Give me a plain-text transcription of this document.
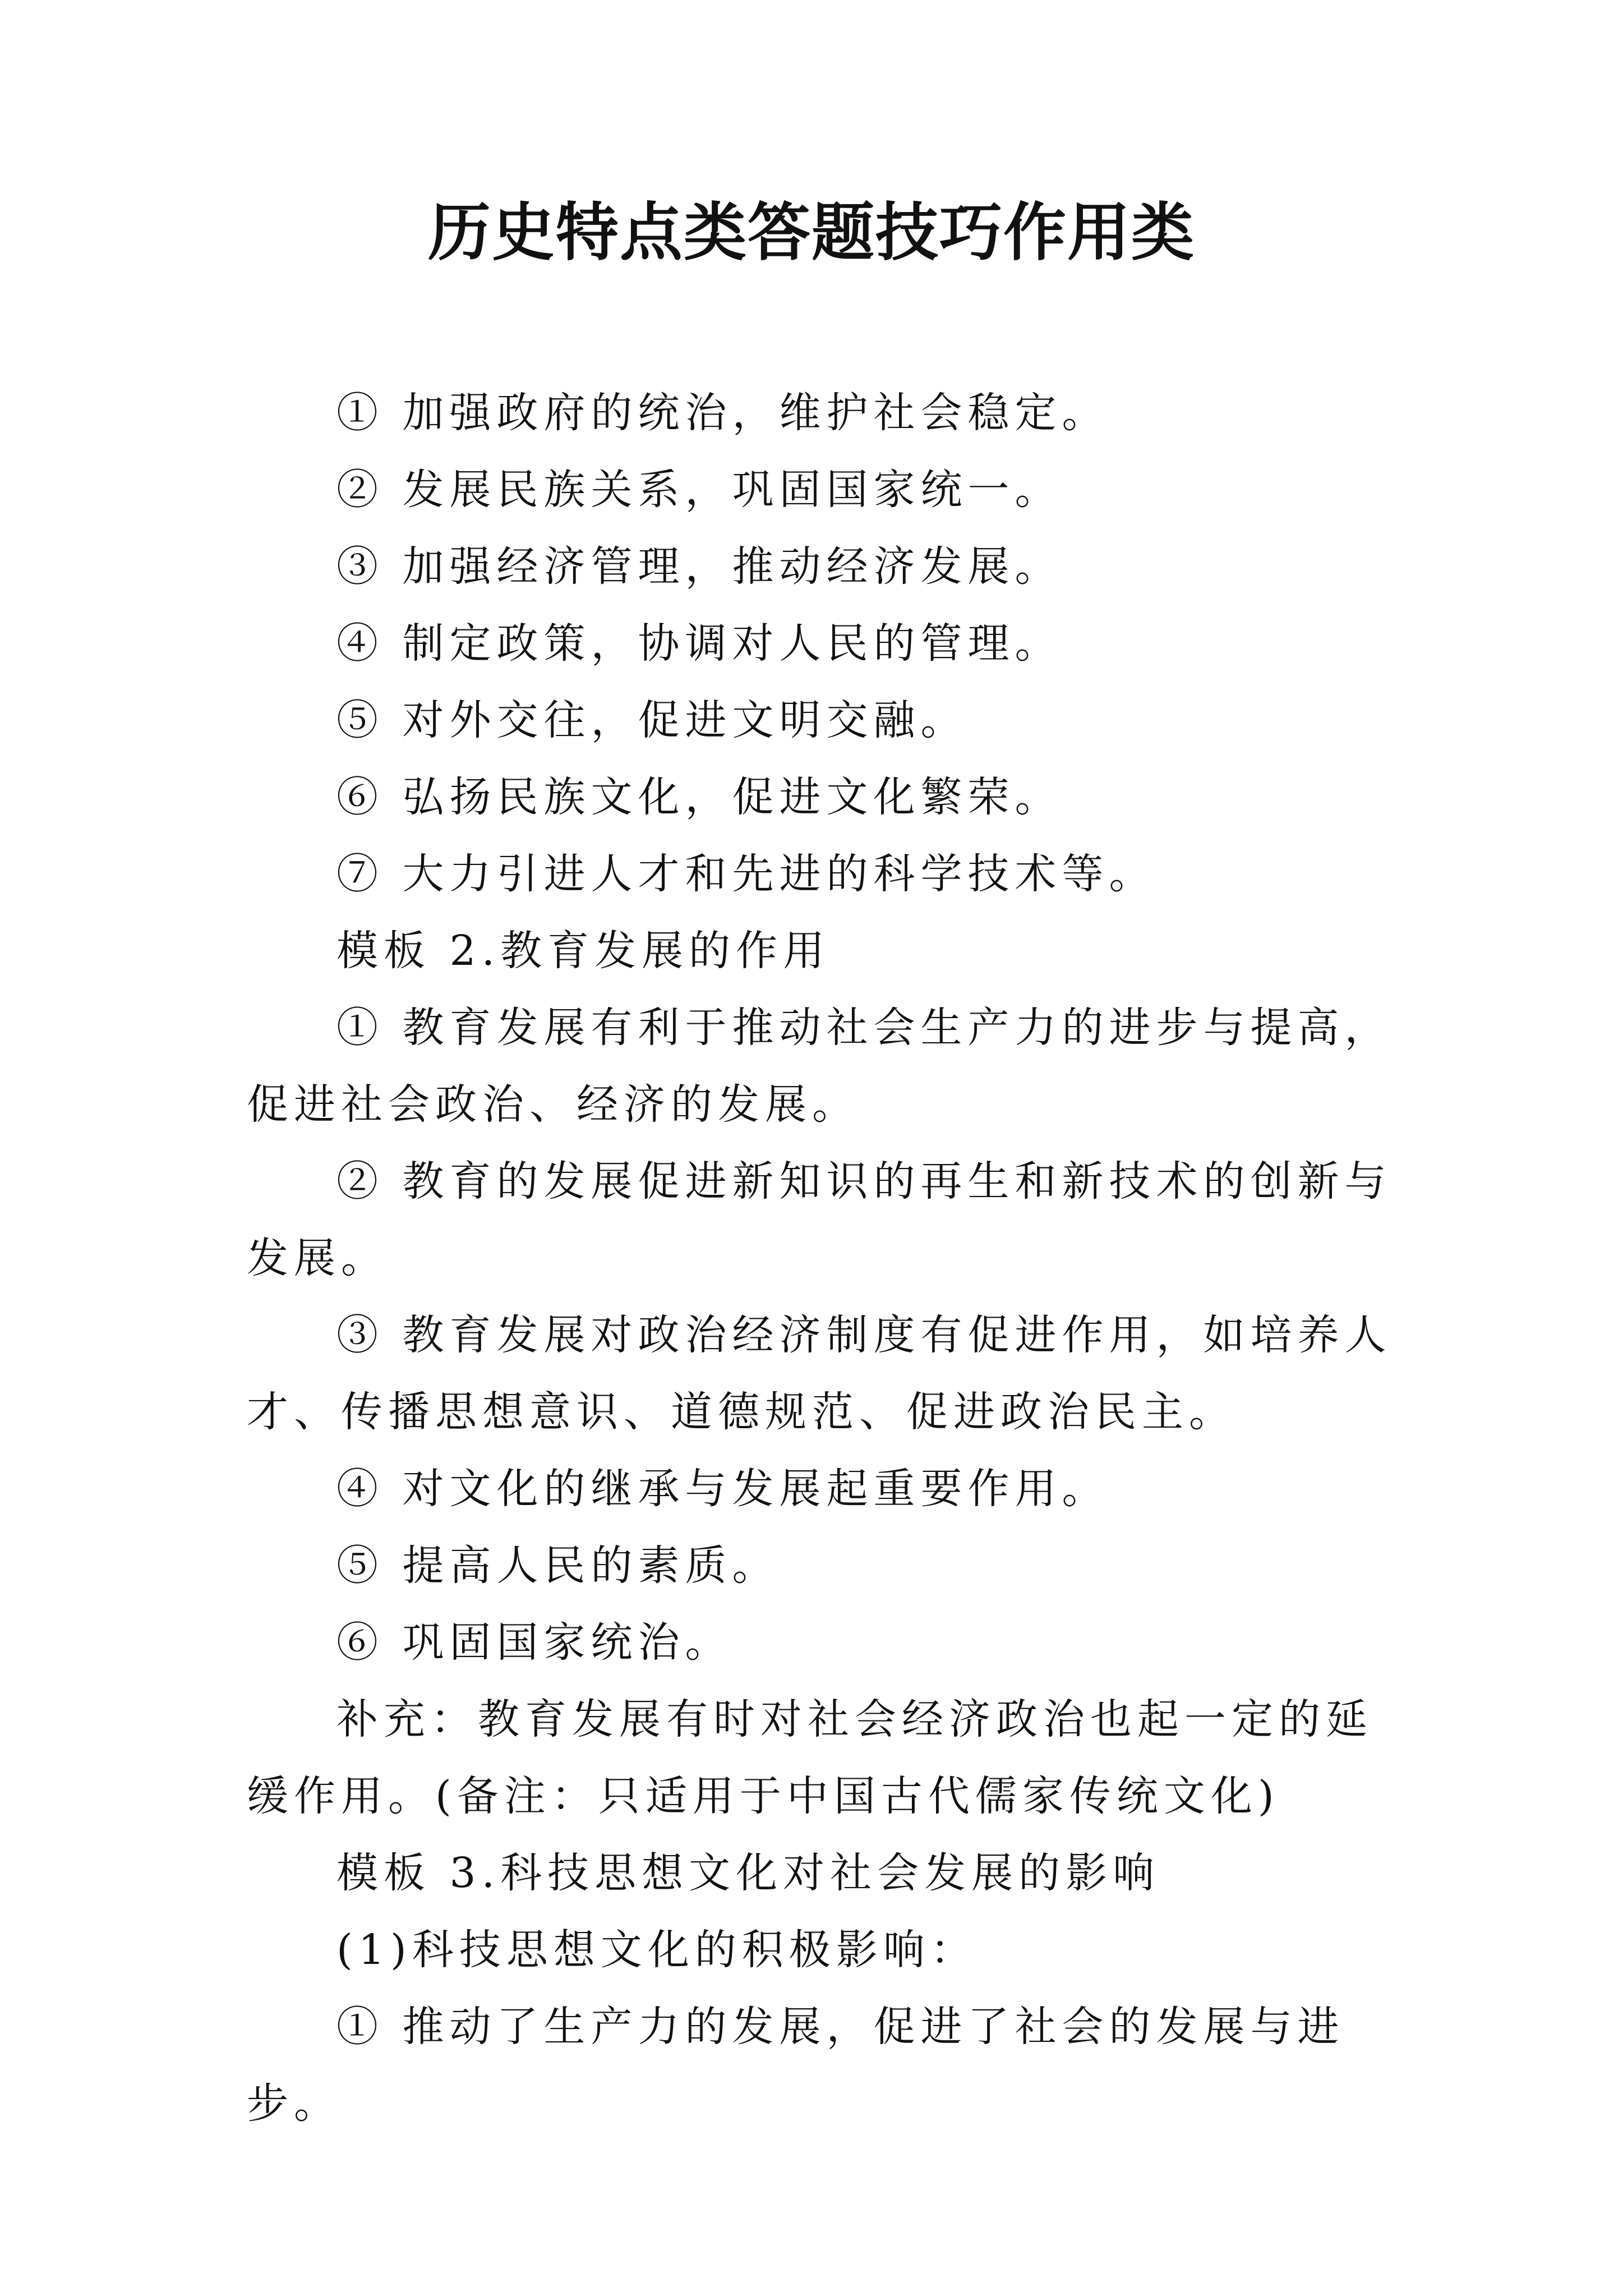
历史特点类答题技巧作用类

① 加强政府的统治，维护社会稳定。

② 发展民族关系，巩固国家统一。

③ 加强经济管理，推动经济发展。

④ 制定政策，协调对人民的管理。

⑤ 对外交往，促进文明交融。

⑥ 弘扬民族文化，促进文化繁荣。

⑦ 大力引进人才和先进的科学技术等。

模板 2.教育发展的作用

① 教育发展有利于推动社会生产力的进步与提高，促进社会政治、经济的发展。

② 教育的发展促进新知识的再生和新技术的创新与发展。

③ 教育发展对政治经济制度有促进作用，如培养人才、传播思想意识、道德规范、促进政治民主。

④ 对文化的继承与发展起重要作用。

⑤ 提高人民的素质。

⑥ 巩固国家统治。

补充：教育发展有时对社会经济政治也起一定的延缓作用。(备注：只适用于中国古代儒家传统文化)

模板 3.科技思想文化对社会发展的影响

(1)科技思想文化的积极影响：

① 推动了生产力的发展，促进了社会的发展与进步。
